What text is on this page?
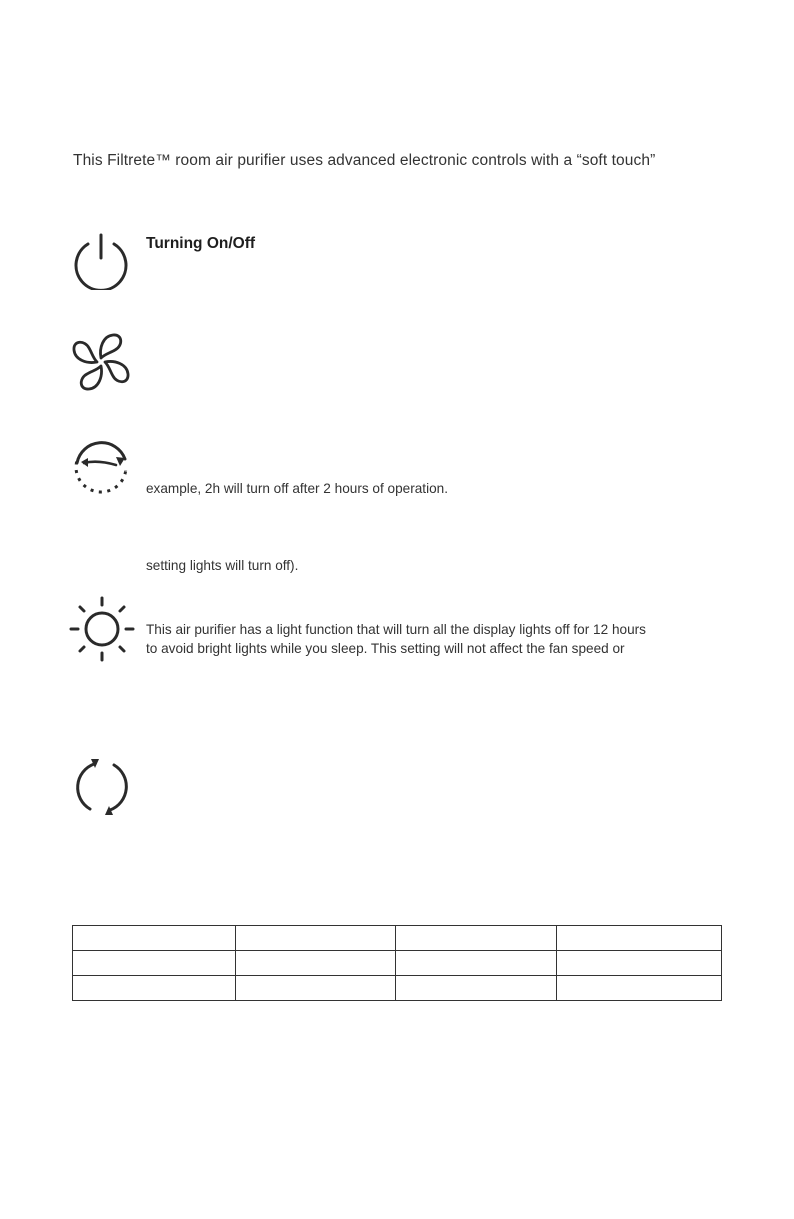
This Filtrete™ room air purifier uses advanced electronic controls with a “soft touch”
Turning On/Off
example, 2h will turn off after 2 hours of operation.
setting lights will turn off).
This air purifier has a light function that will turn all the display lights off for 12 hours
to avoid bright lights while you sleep. This setting will not affect the fan speed or
